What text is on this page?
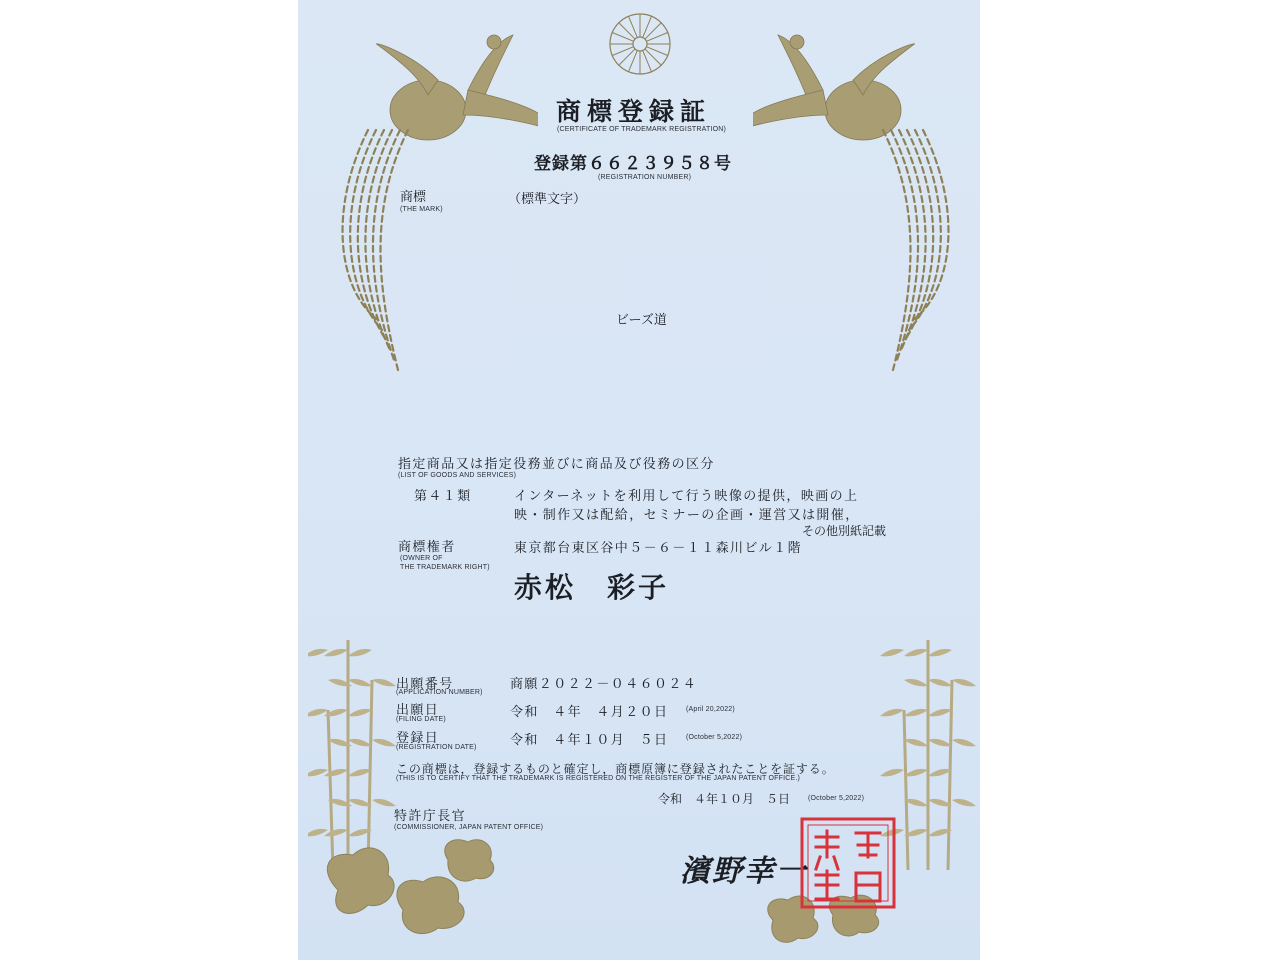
商標登録証
(CERTIFICATE OF TRADEMARK REGISTRATION)
登録第６６２３９５８号
(REGISTRATION NUMBER)
商標
(THE MARK)
（標準文字）
ビーズ道
指定商品又は指定役務並びに商品及び役務の区分
(LIST OF GOODS AND SERVICES)
第４１類	インターネットを利用して行う映像の提供，映画の上
映・制作又は配給，セミナーの企画・運営又は開催，
その他別紙記載
商標権者
(OWNER OF
THE TRADEMARK RIGHT)
東京都台東区谷中５－６－１１森川ビル１階
赤松　彩子
出願番号
(APPLICATION NUMBER)
商願２０２２－０４６０２４
出願日
(FILING DATE)	令和　４年　４月２０日	(April 20,2022)
登録日
(REGISTRATION DATE)	令和　４年１０月　５日	(October 5,2022)
この商標は，登録するものと確定し，商標原簿に登録されたことを証する。
(THIS IS TO CERTIFY THAT THE TRADEMARK IS REGISTERED ON THE REGISTER OF THE JAPAN PATENT OFFICE.)
令和　４年１０月　５日	(October 5,2022)
特許庁長官
(COMMISSIONER, JAPAN PATENT OFFICE)
濱野幸一
